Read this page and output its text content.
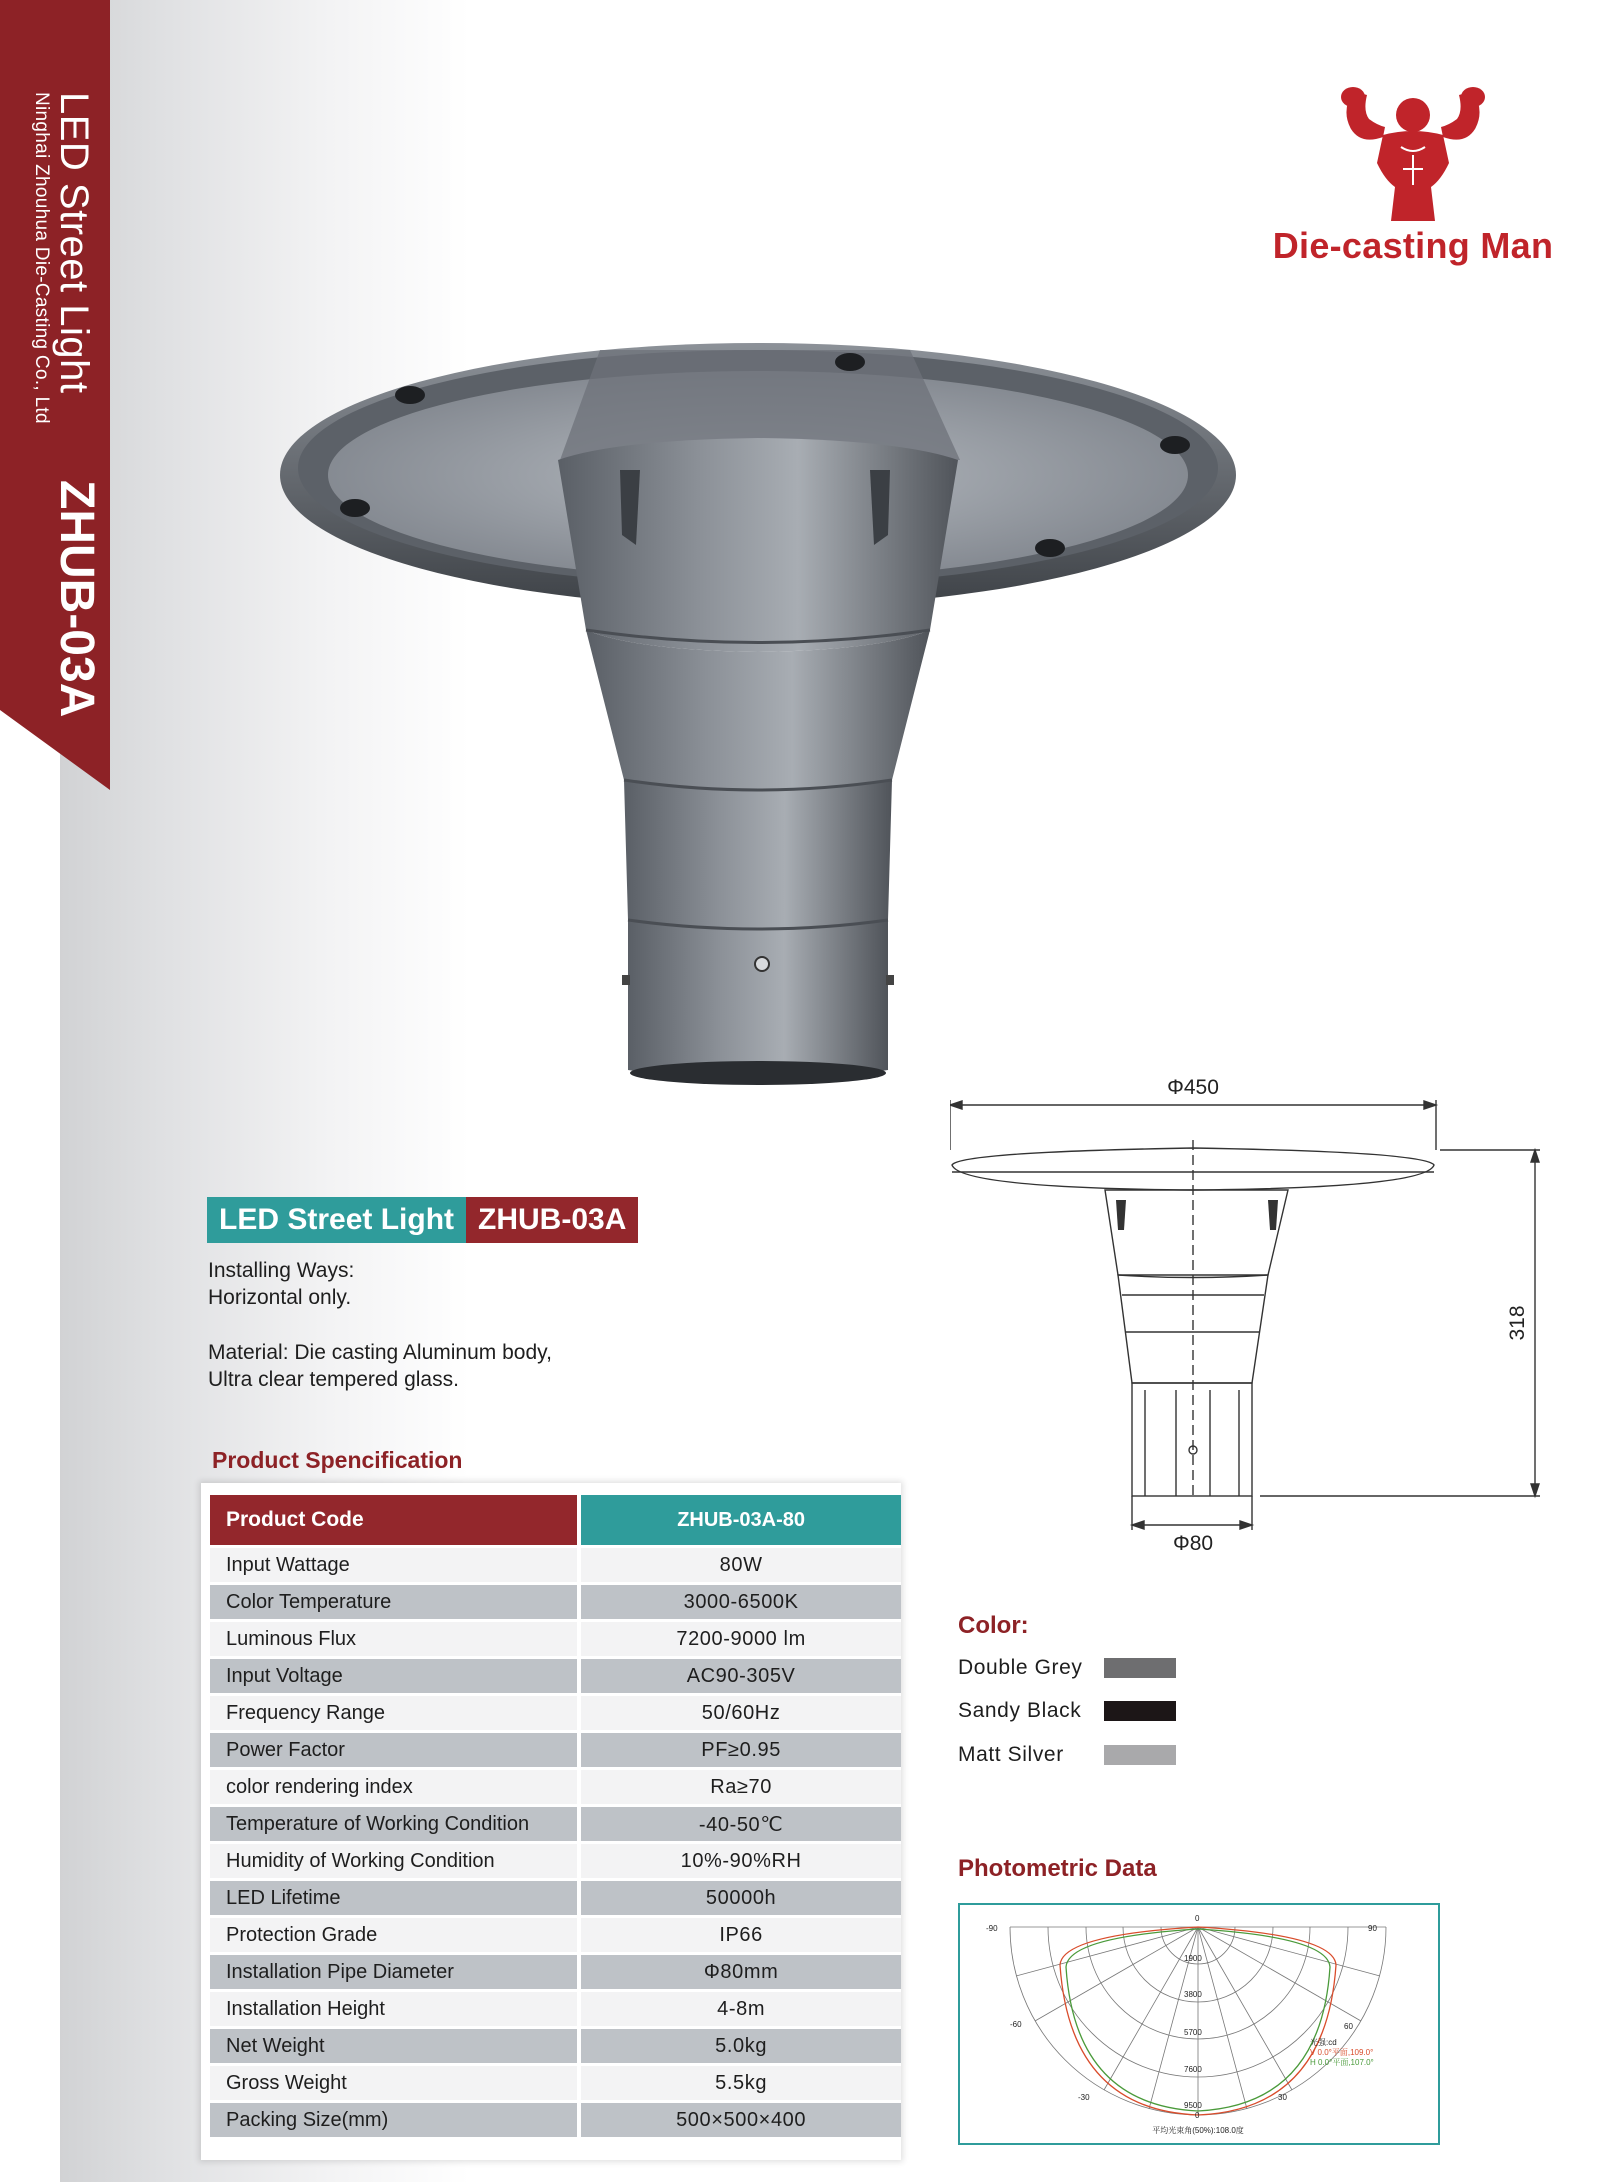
LED Street Light
Ninghai Zhouhua Die-Casting Co., Ltd
ZHUB-03A
Die-casting Man
Φ450
Φ80
318
LED Street Light ZHUB-03A
Installing Ways:
Horizontal only.
Material: Die casting Aluminum body,
Ultra clear tempered glass.
Product Spencification
Product Code	ZHUB-03A-80
Input Wattage	80W
Color Temperature	3000-6500K
Luminous Flux	7200-9000 lm
Input Voltage	AC90-305V
Frequency Range	50/60Hz
Power Factor	PF≥0.95
color rendering index	Ra≥70
Temperature of Working Condition	-40-50℃
Humidity of Working Condition	10%-90%RH
LED Lifetime	50000h
Protection Grade	IP66
Installation Pipe Diameter	Φ80mm
Installation Height	4-8m
Net Weight	5.0kg
Gross Weight	5.5kg
Packing Size(mm)	500×500×400
Color:
Double Grey
Sandy Black
Matt Silver
Photometric Data
-90
0
90
-60	60
-30	30
1900
3800
5700
7600
9500
0
光强:cd
V 0.0°平面,109.0°
H 0.0°平面,107.0°
平均光束角(50%):108.0度
